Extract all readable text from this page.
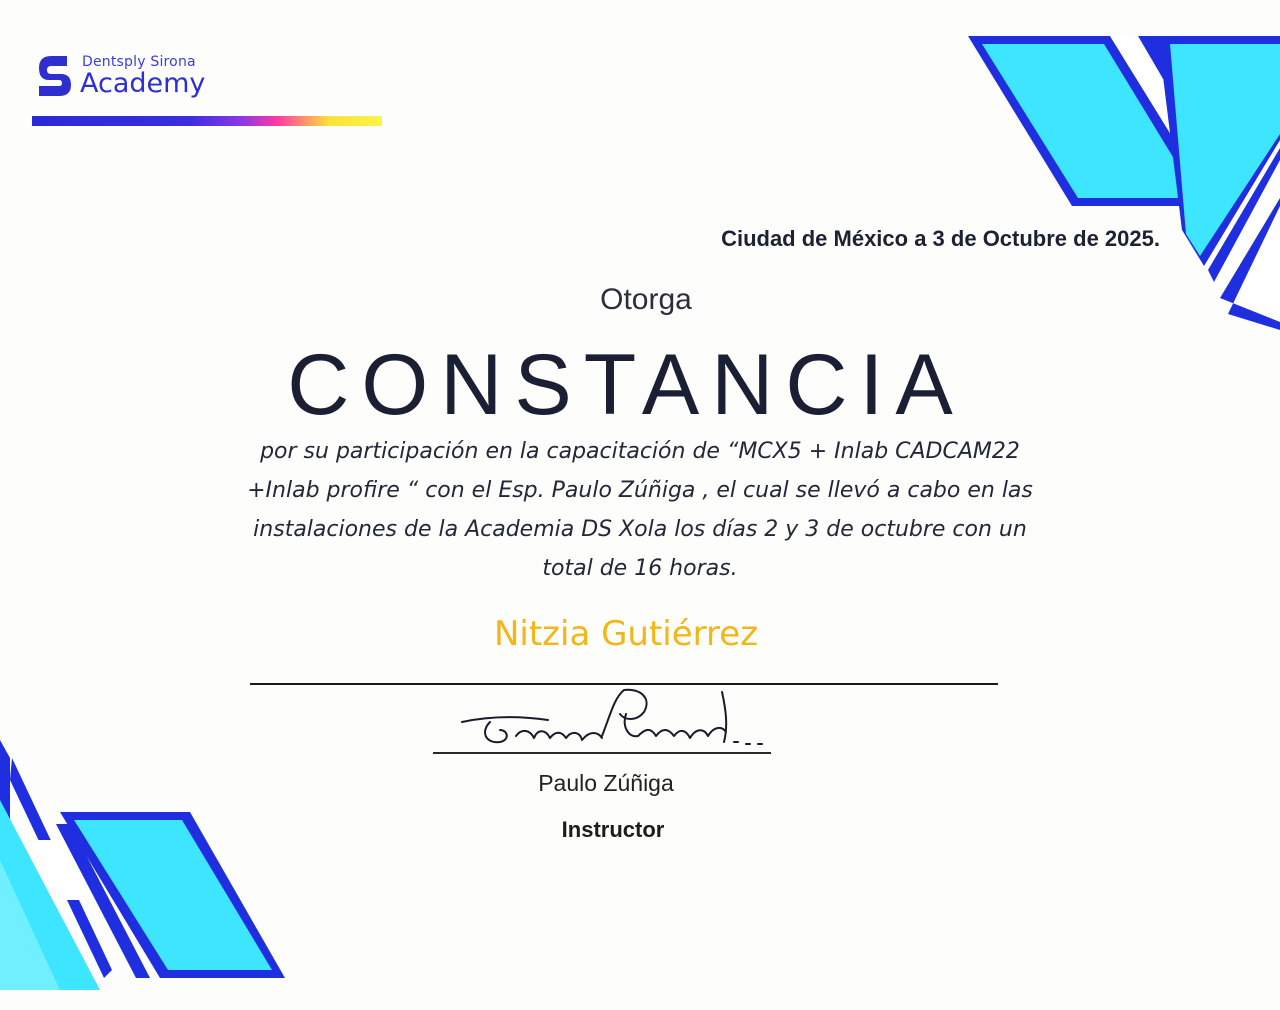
Dentsply Sirona
Academy
Ciudad de México a 3 de Octubre de 2025.
Otorga
CONSTANCIA
por su participación en la capacitación de “MCX5 + Inlab CADCAM22
+Inlab profire “ con el Esp. Paulo Zúñiga , el cual se llevó a cabo en las
instalaciones de la Academia DS Xola los días 2 y 3 de octubre con un
total de 16 horas.
Nitzia Gutiérrez
Paulo Zúñiga
Instructor
